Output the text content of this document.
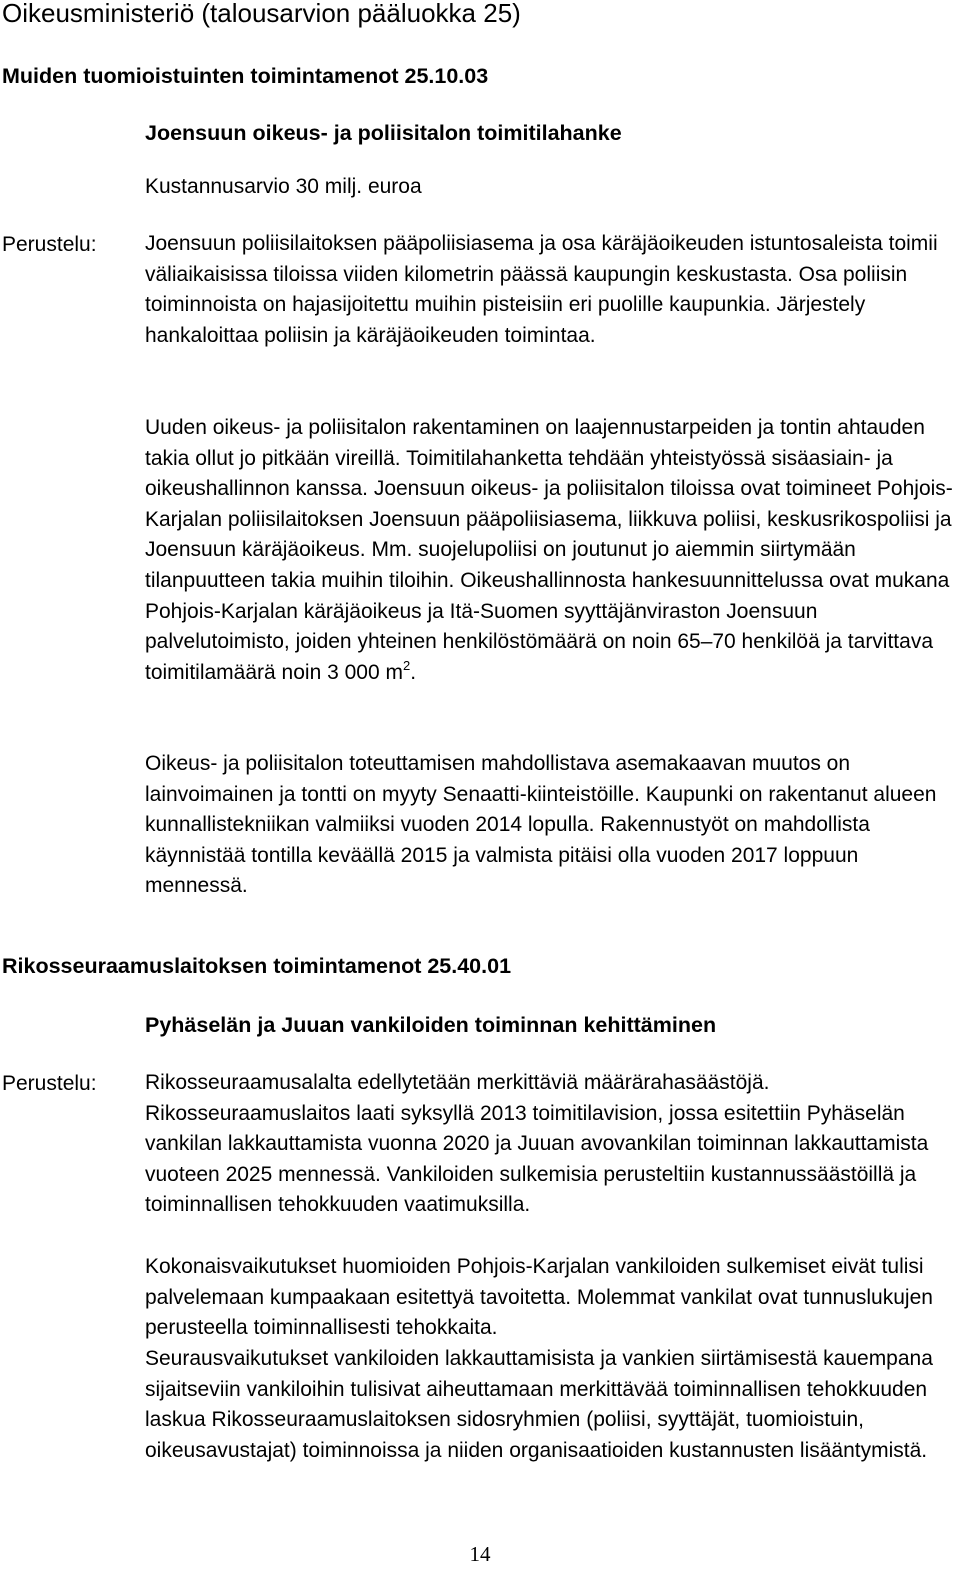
Oikeusministeriö (talousarvion pääluokka 25)
Muiden tuomioistuinten toimintamenot 25.10.03
Joensuun oikeus- ja poliisitalon toimitilahanke

Kustannusarvio 30 milj. euroa

Perustelu: Joensuun poliisilaitoksen pääpoliisiasema ja osa käräjäoikeuden istuntosaleista toimii väliaikaisissa tiloissa viiden kilometrin päässä kaupungin keskustasta. Osa poliisin toiminnoista on hajasijoitettu muihin pisteisiin eri puolille kaupunkia. Järjestely hankaloittaa poliisin ja käräjäoikeuden toimintaa.

Uuden oikeus- ja poliisitalon rakentaminen on laajennustarpeiden ja tontin ahtauden takia ollut jo pitkään vireillä. Toimitilahanketta tehdään yhteistyössä sisäasiain- ja oikeushallinnon kanssa. Joensuun oikeus- ja poliisitalon tiloissa ovat toimineet Pohjois-Karjalan poliisilaitoksen Joensuun pääpoliisiasema, liikkuva poliisi, keskusrikospoliisi ja Joensuun käräjäoikeus. Mm. suojelupoliisi on joutunut jo aiemmin siirtymään tilanpuutteen takia muihin tiloihin. Oikeushallinnosta hankesuunnittelussa ovat mukana Pohjois-Karjalan käräjäoikeus ja Itä-Suomen syyttäjänviraston Joensuun palvelutoimisto, joiden yhteinen henkilöstömäärä on noin 65–70 henkilöä ja tarvittava toimitilamäärä noin 3 000 $m^2$.

Oikeus- ja poliisitalon toteuttamisen mahdollistava asemakaavan muutos on lainvoimainen ja tontti on myyty Senaatti-kiinteistöille. Kaupunki on rakentanut alueen kunnallistekniikan valmiiksi vuoden 2014 lopulla. Rakennustyöt on mahdollista käynnistää tontilla keväällä 2015 ja valmista pitäisi olla vuoden 2017 loppuun mennessä.

Rikosseuraamuslaitoksen toimintamenot 25.40.01
Pyhäselän ja Juuan vankiloiden toiminnan kehittäminen

Perustelu: Rikosseuraamusalalta edellytetään merkittäviä määrärahasäästöjä. Rikosseuraamuslaitos laati syksyllä 2013 toimitilavision, jossa esitettiin Pyhäselän vankilan lakkauttamista vuonna 2020 ja Juuan avovankilan toiminnan lakkauttamista vuoteen 2025 mennessä. Vankiloiden sulkemisia perusteltiin kustannussäästöillä ja toiminnallisen tehokkuuden vaatimuksilla.

Kokonaisvaikutukset huomioiden Pohjois-Karjalan vankiloiden sulkemiset eivät tulisi palvelemaan kumpaakaan esitettyä tavoitetta. Molemmat vankilat ovat tunnuslukujen perusteella toiminnallisesti tehokkaita.

Seurausvaikutukset vankiloiden lakkauttamisista ja vankien siirtämisestä kauempana sijaitseviin vankiloihin tulisivat aiheuttamaan merkittävää toiminnallisen tehokkuuden laskua Rikosseuraamuslaitoksen sidosryhmien (poliisi, syyttäjät, tuomioistuin, oikeusavustajat) toiminnoissa ja niiden organisaatioiden kustannusten lisääntymistä.

14
